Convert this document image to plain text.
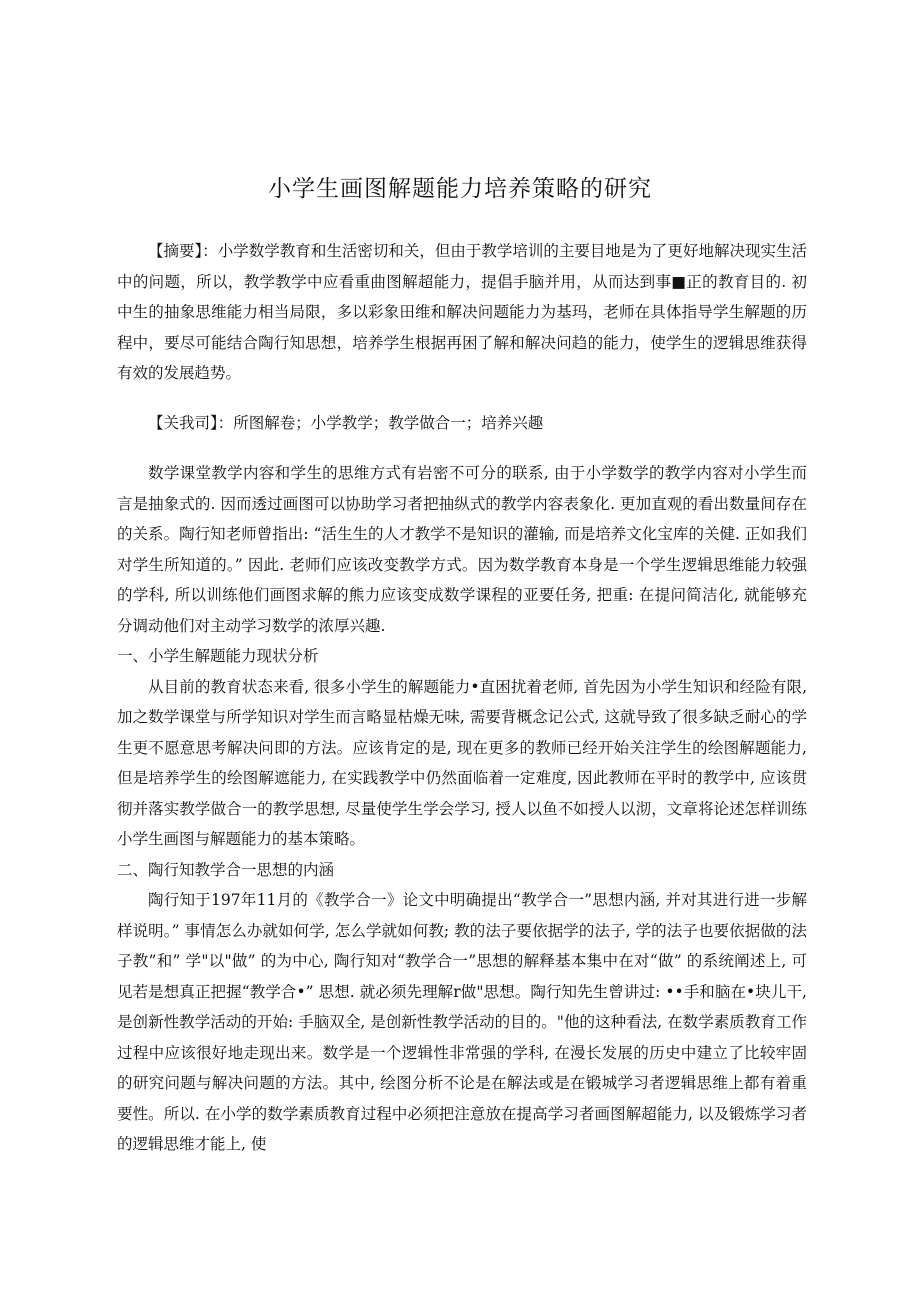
小学生画图解题能力培养策略的研究

【摘要】：小学数学教育和生活密切和关，但由于教学培训的主要目地是为了更好地解决现实生活中的问题，所以，教学教学中应看重曲图解超能力，提倡手脑并用，从而达到事■正的教育目的. 初中生的抽象思维能力相当局限，多以彩象田维和解决问题能力为基玛，老师在具体指导学生解题的历程中，要尽可能结合陶行知思想，培养学生根据再困了解和解决问趋的能力，使学生的逻辑思维获得有效的发展趋势。

【关我司】：所图解卷；小学教学；教学做合一；培养兴趣

数学课堂教学内容和学生的思维方式有岩密不可分的联系, 由于小学数学的教学内容对小学生而言是抽象式的. 因而透过画图可以协助学习者把抽纵式的教学内容表象化. 更加直观的看出数量间存在的关系。陶行知老师曾指出: “活生生的人才教学不是知识的灌输, 而是培养文化宝库的关健. 正如我们对学生所知道的。” 因此. 老师们应该改变教学方式。因为数学教育本身是一个学生逻辑思维能力较强的学科, 所以训练他们画图求解的熊力应该变成数学课程的亚要任务, 把重: 在提问简洁化, 就能够充分调动他们对主动学习数学的浓厚兴趣.

一、小学生解题能力现状分析

从目前的教育状态来看, 很多小学生的解题能力•直困扰着老师, 首先因为小学生知识和经险有限, 加之数学课堂与所学知识对学生而言略显枯燥无味, 需要背概念记公式, 这就导致了很多缺乏耐心的学生更不愿意思考解决问即的方法。应该肯定的是, 现在更多的教师已经开始关注学生的绘图解题能力, 但是培养学生的绘图解遮能力, 在实践教学中仍然面临着一定难度, 因此教师在平时的教学中, 应该贯彻并落实教学做合一的教学思想, 尽量使学生学会学习, 授人以鱼不如授人以沏，文章将论述怎样训练小学生画图与解题能力的基本策略。

二、陶行知教学合一思想的内涵

陶行知于197年11月的《教学合一》论文中明确提出“教学合一”思想内涵, 并对其进行进一步解样说明。” 事情怎么办就如何学, 怎么学就如何教; 教的法子要依据学的法子, 学的法子也要依据做的法子教”和” 学"以"做” 的为中心, 陶行知对“教学合一”思想的解释基本集中在对“做” 的系统阐述上, 可见若是想真正把握“教学合•” 思想. 就必须先理解r做"思想。陶行知先生曾讲过: ••手和脑在•块儿干, 是创新性教学活动的开始: 手脑双全, 是创新性教学活动的目的。"他的这种看法, 在数学素质教育工作过程中应该很好地走现出来。数学是一个逻辑性非常强的学科, 在漫长发展的历史中建立了比较牢固的研究问题与解决问题的方法。其中, 绘图分析不论是在解法或是在锻城学习者逻辑思维上都有着重要性。所以. 在小学的数学素质教育过程中必须把注意放在提高学习者画图解超能力, 以及锻炼学习者的逻辑思维才能上, 使
